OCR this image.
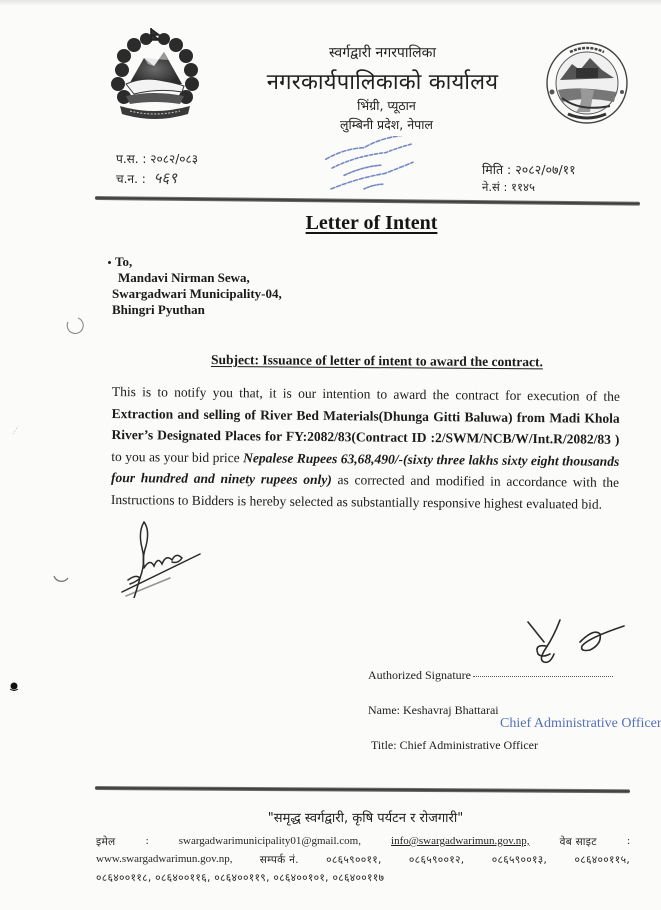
स्वर्गद्वारी नगरपालिका
नगरकार्यपालिकाको कार्यालय
भिंग्री, प्यूठान
लुम्बिनी प्रदेश, नेपाल
प.स. : २०८२/०८३
च.न. : ५६९	मिति : २०८२/०७/११
ने.सं : ११४५
Letter of Intent
To,
Mandavi Nirman Sewa,
Swargadwari Municipality-04,
Bhingri Pyuthan
Subject: Issuance of letter of intent to award the contract.
This is to notify you that, it is our intention to award the contract for execution of the Extraction and selling of River Bed Materials(Dhunga Gitti Baluwa) from Madi Khola River’s Designated Places for FY:2082/83(Contract ID :2/SWM/NCB/W/Int.R/2082/83 ) to you as your bid price Nepalese Rupees 63,68,490/-(sixty three lakhs sixty eight thousands four hundred and ninety rupees only) as corrected and modified in accordance with the Instructions to Bidders is hereby selected as substantially responsive highest evaluated bid.
Authorized Signature
Name: Keshavraj Bhattarai
Title: Chief Administrative Officer
Chief Administrative Officer
"समृद्ध स्वर्गद्वारी, कृषि पर्यटन र रोजगारी"
इमेल	:	swargadwarimunicipality01@gmail.com,	info@swargadwarimun.gov.np,	वेब साइट	:
www.swargadwarimun.gov.np,	सम्पर्क नं.	०८६५९००११,	०८६५९००१२,	०८६५९००१३,	०८६४००११५,
०८६४००११८, ०८६४००११६, ०८६४००११९, ०८६४००१०१, ०८६४००११७
